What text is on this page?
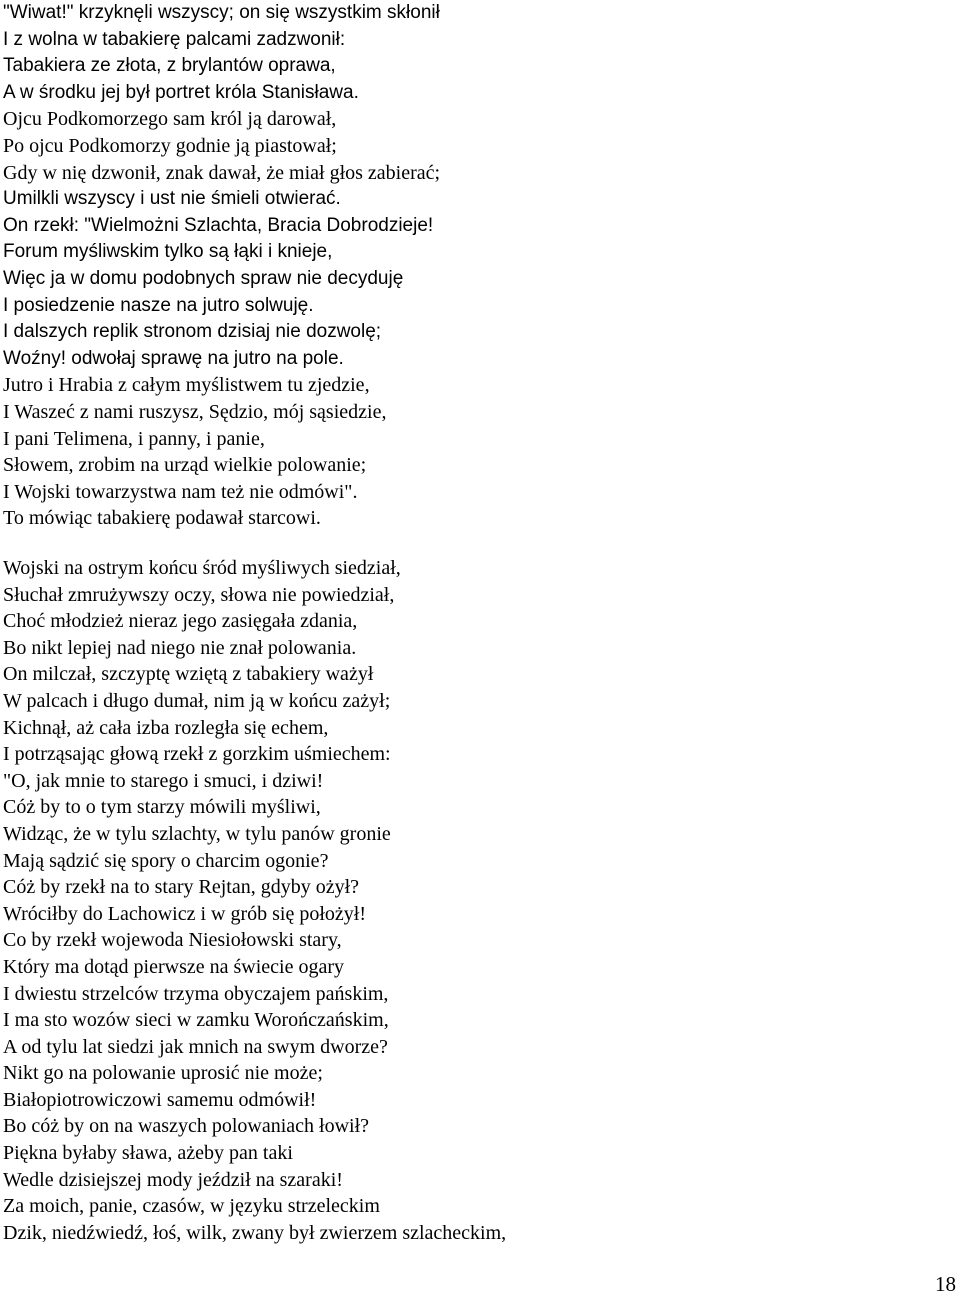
"Wiwat!" krzyknęli wszyscy; on się wszystkim skłonił
I z wolna w tabakierę palcami zadzwonił:
Tabakiera ze złota, z brylantów oprawa,
A w środku jej był portret króla Stanisława.
Ojcu Podkomorzego sam król ją darował,
Po ojcu Podkomorzy godnie ją piastował;
Gdy w nię dzwonił, znak dawał, że miał głos zabierać;
Umilkli wszyscy i ust nie śmieli otwierać.
On rzekł: "Wielmożni Szlachta, Bracia Dobrodzieje!
Forum myśliwskim tylko są łąki i knieje,
Więc ja w domu podobnych spraw nie decyduję
I posiedzenie nasze na jutro solwuję.
I dalszych replik stronom dzisiaj nie dozwolę;
Woźny! odwołaj sprawę na jutro na pole.
Jutro i Hrabia z całym myślistwem tu zjedzie,
I Waszeć z nami ruszysz, Sędzio, mój sąsiedzie,
I pani Telimena, i panny, i panie,
Słowem, zrobim na urząd wielkie polowanie;
I Wojski towarzystwa nam też nie odmówi".
To mówiąc tabakierę podawał starcowi.
Wojski na ostrym końcu śród myśliwych siedział,
Słuchał zmrużywszy oczy, słowa nie powiedział,
Choć młodzież nieraz jego zasięgała zdania,
Bo nikt lepiej nad niego nie znał polowania.
On milczał, szczyptę wziętą z tabakiery ważył
W palcach i długo dumał, nim ją w końcu zażył;
Kichnął, aż cała izba rozległa się echem,
I potrząsając głową rzekł z gorzkim uśmiechem:
"O, jak mnie to starego i smuci, i dziwi!
Cóż by to o tym starzy mówili myśliwi,
Widząc, że w tylu szlachty, w tylu panów gronie
Mają sądzić się spory o charcim ogonie?
Cóż by rzekł na to stary Rejtan, gdyby ożył?
Wróciłby do Lachowicz i w grób się położył!
Co by rzekł wojewoda Niesiołowski stary,
Który ma dotąd pierwsze na świecie ogary
I dwiestu strzelców trzyma obyczajem pańskim,
I ma sto wozów sieci w zamku Worończańskim,
A od tylu lat siedzi jak mnich na swym dworze?
Nikt go na polowanie uprosić nie może;
Białopiotrowiczowi samemu odmówił!
Bo cóż by on na waszych polowaniach łowił?
Piękna byłaby sława, ażeby pan taki
Wedle dzisiejszej mody jeździł na szaraki!
Za moich, panie, czasów, w języku strzeleckim
Dzik, niedźwiedź, łoś, wilk, zwany był zwierzem szlacheckim,
18
